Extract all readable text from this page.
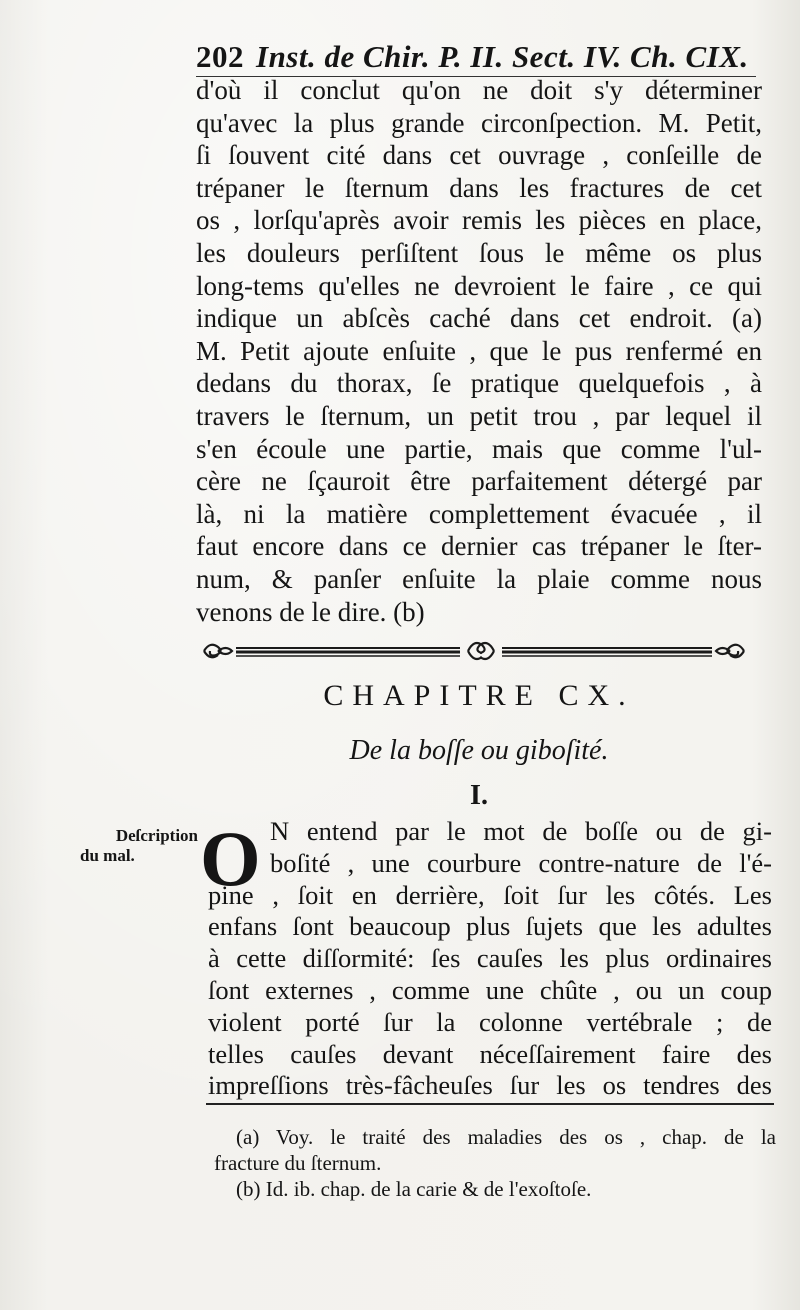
202 Inst. de Chir. P. II. Sect. IV. Ch. CIX.
d'où il conclut qu'on ne doit s'y déterminer
qu'avec la plus grande circonſpection. M. Petit,
ſi ſouvent cité dans cet ouvrage , conſeille de
trépaner le ſternum dans les fractures de cet
os , lorſqu'après avoir remis les pièces en place,
les douleurs perſiſtent ſous le même os plus
long-tems qu'elles ne devroient le faire , ce qui
indique un abſcès caché dans cet endroit. (a)
M. Petit ajoute enſuite , que le pus renfermé en
dedans du thorax, ſe pratique quelquefois , à
travers le ſternum, un petit trou , par lequel il
s'en écoule une partie, mais que comme l'ul-
cère ne ſçauroit être parfaitement détergé par
là, ni la matière complettement évacuée , il
faut encore dans ce dernier cas trépaner le ſter-
num, & panſer enſuite la plaie comme nous
venons de le dire. (b)
CHAPITRE CX.
De la boſſe ou giboſité.
I.
Deſcription
du mal. O N entend par le mot de boſſe ou de gi-
boſité , une courbure contre-nature de l'é-
pine , ſoit en derrière, ſoit ſur les côtés. Les
enfans ſont beaucoup plus ſujets que les adultes
à cette diſſormité: ſes cauſes les plus ordinaires
ſont externes , comme une chûte , ou un coup
violent porté ſur la colonne vertébrale ; de
telles cauſes devant néceſſairement faire des
impreſſions très-fâcheuſes ſur les os tendres des
(a) Voy. le traité des maladies des os , chap. de la
fracture du ſternum.
(b) Id. ib. chap. de la carie & de l'exoſtoſe.
